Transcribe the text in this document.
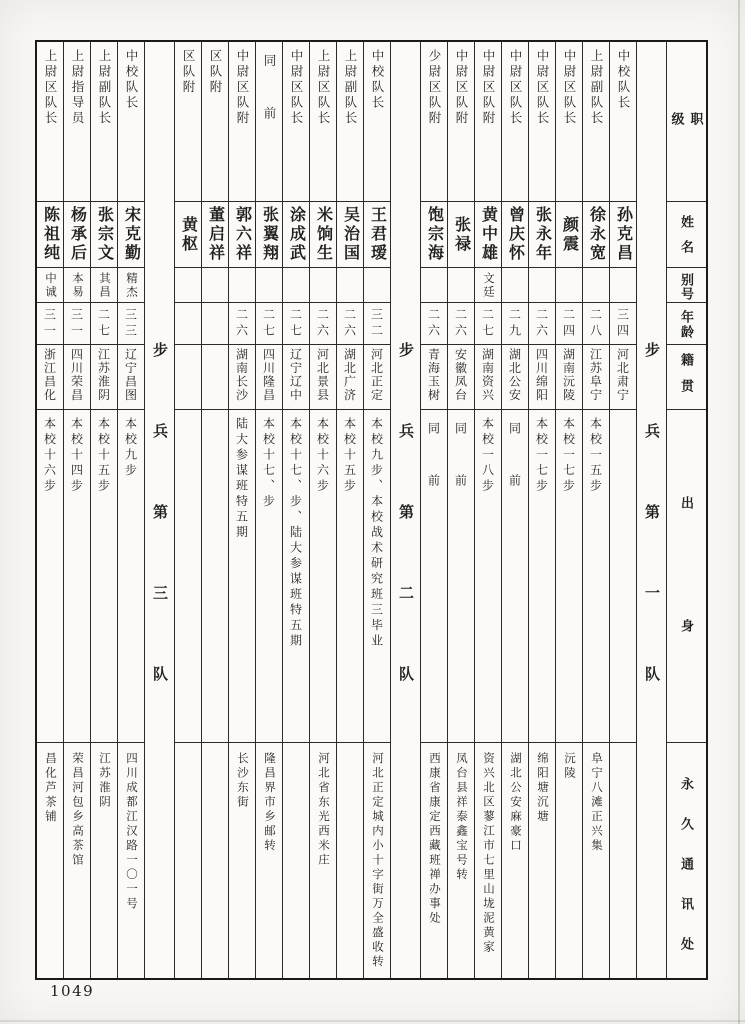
上尉区队长
陈祖纯
中诚
三一
浙江昌化
本校十六步
昌化芦茶铺
上尉指导员
杨承后
本易
三一
四川荣昌
本校十四步
荣昌河包乡高茶馆
上尉副队长
张宗文
其昌
二七
江苏淮阴
本校十五步
江苏淮阴
中校队长
宋克勤
精杰
三三
辽宁昌图
本校九步
四川成都江汉路一〇一号
步兵第三队
区队附
黄枢
区队附
董启祥
中尉区队附
郭六祥
二六
湖南长沙
陆大参谋班特五期
长沙东街
同前
张翼翔
二七
四川隆昌
本校十七、步
隆昌界市乡邮转
中尉区队长
涂成武
二七
辽宁辽中
本校十七、步、陆大参谋班特五期
上尉区队长
米饷生
二六
河北景县
本校十六步
河北省东光西米庄
上尉副队长
吴治国
二六
湖北广济
本校十五步
中校队长
王君瑷
三二
河北正定
本校九步、本校战术研究班三毕业
河北正定城内小十字街万全盛收转
步兵第二队
少尉区队附
饱宗海
二六
青海玉树
同前
西康省康定西藏班禅办事处
中尉区队附
张禄
二六
安徽凤台
同前
凤台县祥泰鑫宝号转
中尉区队附
黄中雄
文廷
二七
湖南资兴
本校一八步
资兴北区蓼江市七里山垅泥黄家
中尉区队长
曾庆怀
二九
湖北公安
同前
湖北公安麻豪口
中尉区队长
张永年
二六
四川绵阳
本校一七步
绵阳塘沉塘
中尉区队长
颜震
二四
湖南沅陵
本校一七步
沅陵
上尉副队长
徐永宽
二八
江苏阜宁
本校一五步
阜宁八滩正兴集
中校队长
孙克昌
三四
河北肃宁 步兵第一队
职级
姓名
别号
年龄
籍贯
出身
永久通讯处
1049
